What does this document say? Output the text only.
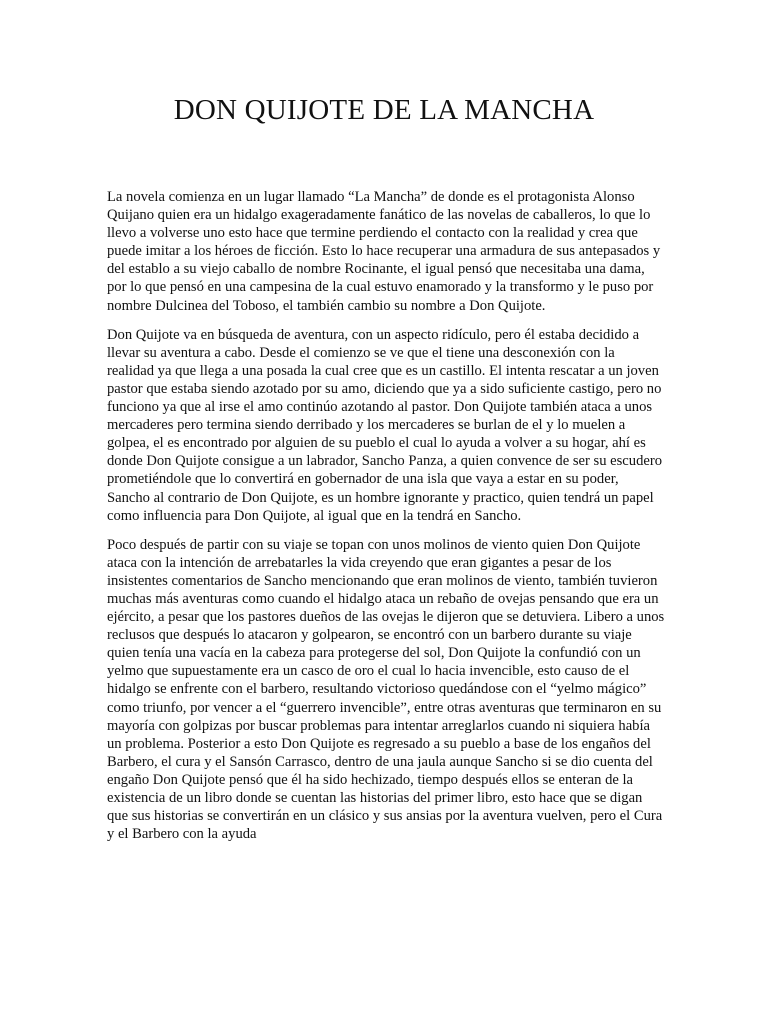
DON QUIJOTE DE LA MANCHA

La novela comienza en un lugar llamado “La Mancha” de donde es el protagonista Alonso Quijano quien era un hidalgo exageradamente fanático de las novelas de caballeros, lo que lo llevo a volverse uno esto hace que termine perdiendo el contacto con la realidad y crea que puede imitar a los héroes de ficción. Esto lo hace recuperar una armadura de sus antepasados y del establo a su viejo caballo de nombre Rocinante, el igual pensó que necesitaba una dama, por lo que pensó en una campesina de la cual estuvo enamorado y la transformo y le puso por nombre Dulcinea del Toboso, el también cambio su nombre a Don Quijote.

Don Quijote va en búsqueda de aventura, con un aspecto ridículo, pero él estaba decidido a llevar su aventura a cabo. Desde el comienzo se ve que el tiene una desconexión con la realidad ya que llega a una posada la cual cree que es un castillo. El intenta rescatar a un joven pastor que estaba siendo azotado por su amo, diciendo que ya a sido suficiente castigo, pero no funciono ya que al irse el amo continúo azotando al pastor. Don Quijote también ataca a unos mercaderes pero termina siendo derribado y los mercaderes se burlan de el y lo muelen a golpea, el es encontrado por alguien de su pueblo el cual lo ayuda a volver a su hogar, ahí es donde Don Quijote consigue a un labrador, Sancho Panza, a quien convence de ser su escudero prometiéndole que lo convertirá en gobernador de una isla que vaya a estar en su poder, Sancho al contrario de Don Quijote, es un hombre ignorante y practico, quien tendrá un papel como influencia para Don Quijote, al igual que en la tendrá en Sancho.

Poco después de partir con su viaje se topan con unos molinos de viento quien Don Quijote ataca con la intención de arrebatarles la vida creyendo que eran gigantes a pesar de los insistentes comentarios de Sancho mencionando que eran molinos de viento, también tuvieron muchas más aventuras como cuando el hidalgo ataca un rebaño de ovejas pensando que era un ejército, a pesar que los pastores dueños de las ovejas le dijeron que se detuviera. Libero a unos reclusos que después lo atacaron y golpearon, se encontró con un barbero durante su viaje quien tenía una vacía en la cabeza para protegerse del sol, Don Quijote la confundió con un yelmo que supuestamente era un casco de oro el cual lo hacia invencible, esto causo de el hidalgo se enfrente con el barbero, resultando victorioso quedándose con el “yelmo mágico” como triunfo, por vencer a el “guerrero invencible”, entre otras aventuras que terminaron en su mayoría con golpizas por buscar problemas para intentar arreglarlos cuando ni siquiera había un problema. Posterior a esto Don Quijote es regresado a su pueblo a base de los engaños del Barbero, el cura y el Sansón Carrasco, dentro de una jaula aunque Sancho si se dio cuenta del engaño Don Quijote pensó que él ha sido hechizado, tiempo después ellos se enteran de la existencia de un libro donde se cuentan las historias del primer libro, esto hace que se digan que sus historias se convertirán en un clásico y sus ansias por la aventura vuelven, pero el Cura y el Barbero con la ayuda
